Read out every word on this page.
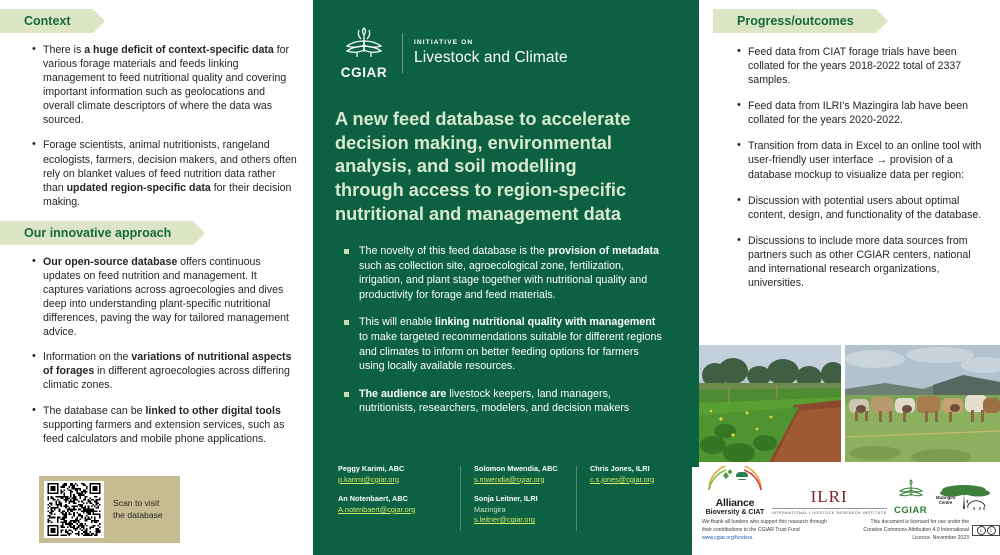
Context
• There is a huge deficit of context-specific data for various forage materials and feeds linking management to feed nutritional quality and covering important information such as geolocations and overall climate descriptors of where the data was sourced.
• Forage scientists, animal nutritionists, rangeland ecologists, farmers, decision makers, and others often rely on blanket values of feed nutrition data rather than updated region-specific data for their decision making.
Our innovative approach
• Our open-source database offers continuous updates on feed nutrition and management. It captures variations across agroecologies and dives deep into understanding plant-specific nutritional differences, paving the way for tailored management advice.
• Information on the variations of nutritional aspects of forages in different agroecologies across differing climatic zones.
• The database can be linked to other digital tools supporting farmers and extension services, such as feed calculators and mobile phone applications.
Scan to visit the database
CGIAR
INITIATIVE ON
Livestock and Climate
A new feed database to accelerate decision making, environmental analysis, and soil modelling through access to region-specific nutritional and management data
The novelty of this feed database is the provision of metadata such as collection site, agroecological zone, fertilization, irrigation, and plant stage together with nutritional quality and productivity for forage and feed materials.
This will enable linking nutritional quality with management to make targeted recommendations suitable for different regions and climates to inform on better feeding options for farmers using locally available resources.
The audience are livestock keepers, land managers, nutritionists, researchers, modelers, and decision makers
Peggy Karimi, ABC
p.karimi@cgiar.org
An Notenbaert, ABC
A.notenbaert@cgiar.org
Solomon Mwendia, ABC
s.mwendia@cgiar.org
Sonja Leitner, ILRI
Mazingira
s.leitner@cgiar.org
Chris Jones, ILRI
c.s.jones@cgiar.org
Progress/outcomes
• Feed data from CIAT forage trials have been collated for the years 2018-2022 total of 2337 samples.
• Feed data from ILRI’s Mazingira lab have been collated for the years 2020-2022.
• Transition from data in Excel to an online tool with user-friendly user interface → provision of a database mockup to visualize data per region:
• Discussion with potential users about optimal content, design, and functionality of the database.
• Discussions to include more data sources from partners such as other CGIAR centers, national and international research organizations, universities.
Alliance
Bioversity & CIAT
ILRI
INTERNATIONAL LIVESTOCK RESEARCH INSTITUTE CGIAR
Mazingira
Centre
We thank all funders who support this research through their contributions to the CGIAR Trust Fund www.cgiar.org/funders.
This document is licensed for use under the Creative Commons Attribution 4.0 International Licence. November 2023
c	i
